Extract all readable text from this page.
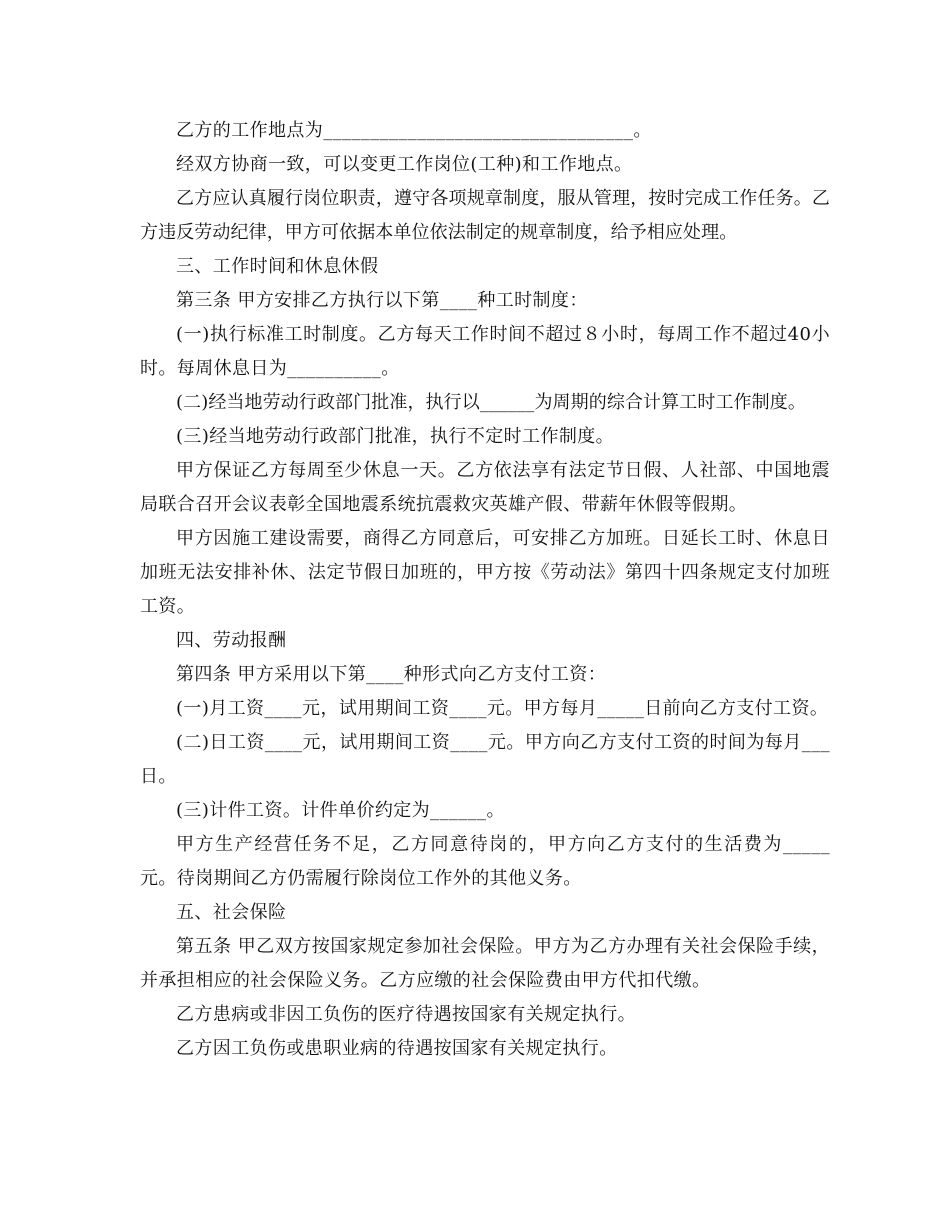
乙方的工作地点为_________________________________。

经双方协商一致，可以变更工作岗位(工种)和工作地点。

乙方应认真履行岗位职责，遵守各项规章制度，服从管理，按时完成工作任务。乙方违反劳动纪律，甲方可依据本单位依法制定的规章制度，给予相应处理。

三、工作时间和休息休假

第三条 甲方安排乙方执行以下第____种工时制度：

(一)执行标准工时制度。乙方每天工作时间不超过８小时，每周工作不超过40小时。每周休息日为__________。

(二)经当地劳动行政部门批准，执行以______为周期的综合计算工时工作制度。

(三)经当地劳动行政部门批准，执行不定时工作制度。

甲方保证乙方每周至少休息一天。乙方依法享有法定节日假、人社部、中国地震局联合召开会议表彰全国地震系统抗震救灾英雄产假、带薪年休假等假期。

甲方因施工建设需要，商得乙方同意后，可安排乙方加班。日延长工时、休息日加班无法安排补休、法定节假日加班的，甲方按《劳动法》第四十四条规定支付加班工资。

四、劳动报酬

第四条 甲方采用以下第____种形式向乙方支付工资：

(一)月工资____元，试用期间工资____元。甲方每月_____日前向乙方支付工资。

(二)日工资____元，试用期间工资____元。甲方向乙方支付工资的时间为每月___日。

(三)计件工资。计件单价约定为______。

甲方生产经营任务不足，乙方同意待岗的，甲方向乙方支付的生活费为_____元。待岗期间乙方仍需履行除岗位工作外的其他义务。

五、社会保险

第五条 甲乙双方按国家规定参加社会保险。甲方为乙方办理有关社会保险手续，并承担相应的社会保险义务。乙方应缴的社会保险费由甲方代扣代缴。

乙方患病或非因工负伤的医疗待遇按国家有关规定执行。

乙方因工负伤或患职业病的待遇按国家有关规定执行。
